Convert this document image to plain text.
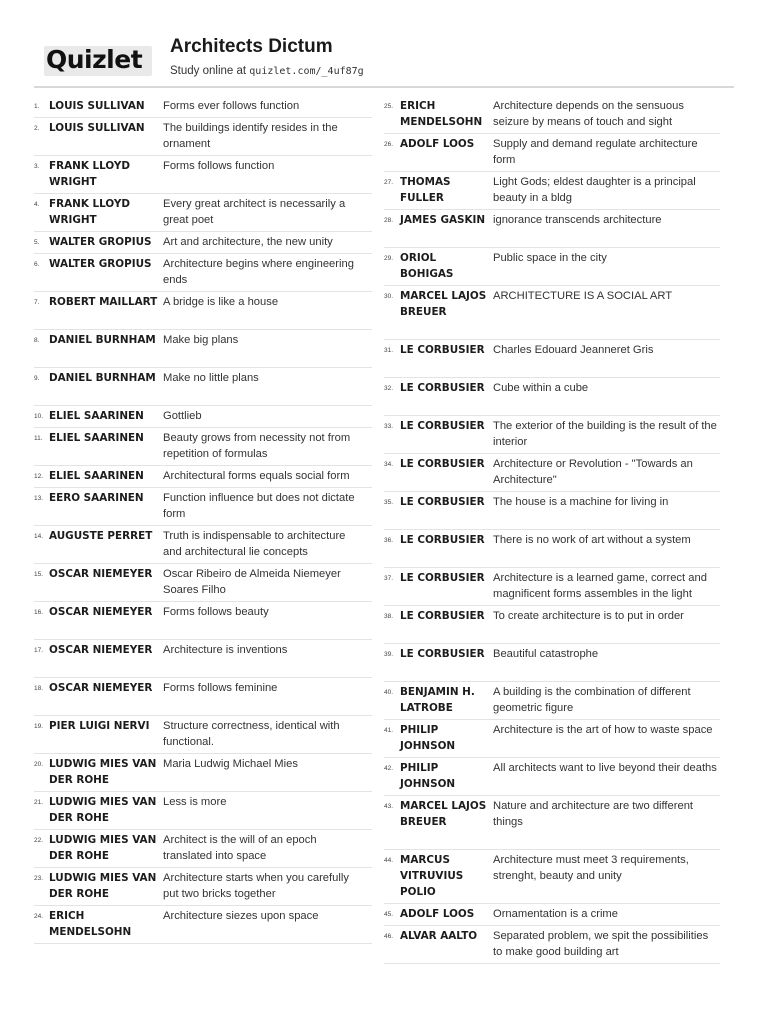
Quizlet Architects Dictum
Study online at quizlet.com/_4uf87g
1. LOUIS SULLIVAN	Forms ever follows function
2. LOUIS SULLIVAN	The buildings identify resides in the ornament
3. FRANK LLOYD WRIGHT
Forms follows function
4. FRANK LLOYD WRIGHT
Every great architect is necessarily a great poet
5. WALTER GROPIUS	Art and architecture, the new unity
6. WALTER GROPIUS	Architecture begins where engineering ends
7. ROBERT MAILLART A bridge is like a house
8. DANIEL BURNHAM Make big plans
9. DANIEL BURNHAM Make no little plans
10. ELIEL SAARINEN	Gottlieb
11. ELIEL SAARINEN	Beauty grows from necessity not from repetition of formulas
12. ELIEL SAARINEN	Architectural forms equals social form
13. EERO SAARINEN	Function influence but does not dictate form
14. AUGUSTE PERRET Truth is indispensable to architecture and architectural lie concepts
15. OSCAR NIEMEYER Oscar Ribeiro de Almeida Niemeyer Soares Filho
16. OSCAR NIEMEYER Forms follows beauty
17. OSCAR NIEMEYER Architecture is inventions
18. OSCAR NIEMEYER Forms follows feminine
19. PIER LUIGI NERVI	Structure correctness, identical with functional.
20. LUDWIG MIES VAN DER ROHE
Maria Ludwig Michael Mies
21. LUDWIG MIES VAN DER ROHE
Less is more
22. LUDWIG MIES VAN DER ROHE
Architect is the will of an epoch translated into space
23. LUDWIG MIES VAN DER ROHE
Architecture starts when you carefully put two bricks together
24. ERICH MENDELSOHN
Architecture siezes upon space
25. ERICH MENDELSOHN
Architecture depends on the sensuous seizure by means of touch and sight
26. ADOLF LOOS	Supply and demand regulate architecture form
27. THOMAS FULLER
Light Gods; eldest daughter is a principal beauty in a bldg
28. JAMES GASKIN ignorance transcends architecture
29. ORIOL BOHIGAS
Public space in the city
30. MARCEL LAJOS BREUER
ARCHITECTURE IS A SOCIAL ART
31. LE CORBUSIER Charles Edouard Jeanneret Gris
32. LE CORBUSIER Cube within a cube
33. LE CORBUSIER The exterior of the building is the result of the interior
34. LE CORBUSIER Architecture or Revolution - "Towards an Architecture"
35. LE CORBUSIER The house is a machine for living in
36. LE CORBUSIER There is no work of art without a system
37. LE CORBUSIER Architecture is a learned game, correct and magnificent forms assembles in the light
38. LE CORBUSIER To create architecture is to put in order
39. LE CORBUSIER Beautiful catastrophe
40. BENJAMIN H. LATROBE
A building is the combination of different geometric figure
41. PHILIP JOHNSON
Architecture is the art of how to waste space
42. PHILIP JOHNSON
All architects want to live beyond their deaths
43. MARCEL LAJOS BREUER
Nature and architecture are two different things
44. MARCUS VITRUVIUS POLIO
Architecture must meet 3 requirements, strenght, beauty and unity
45. ADOLF LOOS	Ornamentation is a crime
46. ALVAR AALTO	Separated problem, we spit the possibilities to make good building art
